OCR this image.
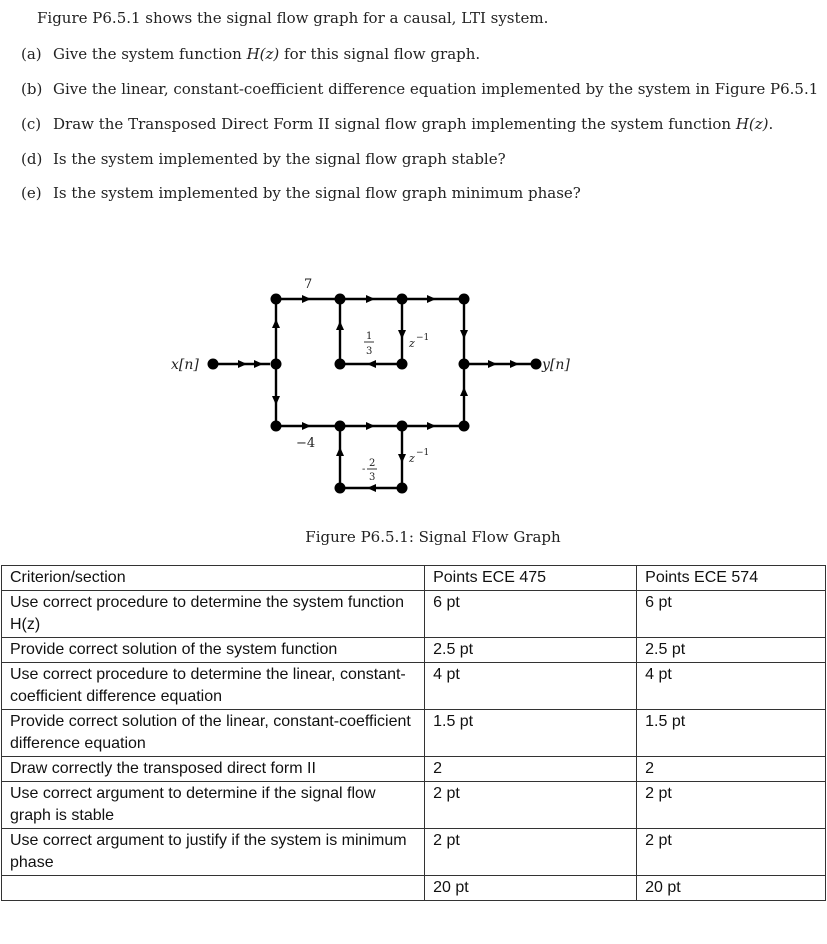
Figure P6.5.1 shows the signal flow graph for a causal, LTI system.
(a) Give the system function H(z) for this signal flow graph.
(b) Give the linear, constant-coefficient difference equation implemented by the system in Figure P6.5.1
(c) Draw the Transposed Direct Form II signal flow graph implementing the system function H(z).
(d) Is the system implemented by the signal flow graph stable?
(e) Is the system implemented by the signal flow graph minimum phase?
x[n]	y[n]
7
−4
1
3
-
2
3
z −1
z −1
Figure P6.5.1: Signal Flow Graph
Criterion/section	Points ECE 475	Points ECE 574
Use correct procedure to determine the system function H(z)	6 pt	6 pt
Provide correct solution of the system function	2.5 pt	2.5 pt
Use correct procedure to determine the linear, constant-coefficient difference equation	4 pt	4 pt
Provide correct solution of the linear, constant-coefficient difference equation	1.5 pt	1.5 pt
Draw correctly the transposed direct form II	2	2
Use correct argument to determine if the signal flow graph is stable	2 pt	2 pt
Use correct argument to justify if the system is minimum phase	2 pt	2 pt
	20 pt	20 pt
